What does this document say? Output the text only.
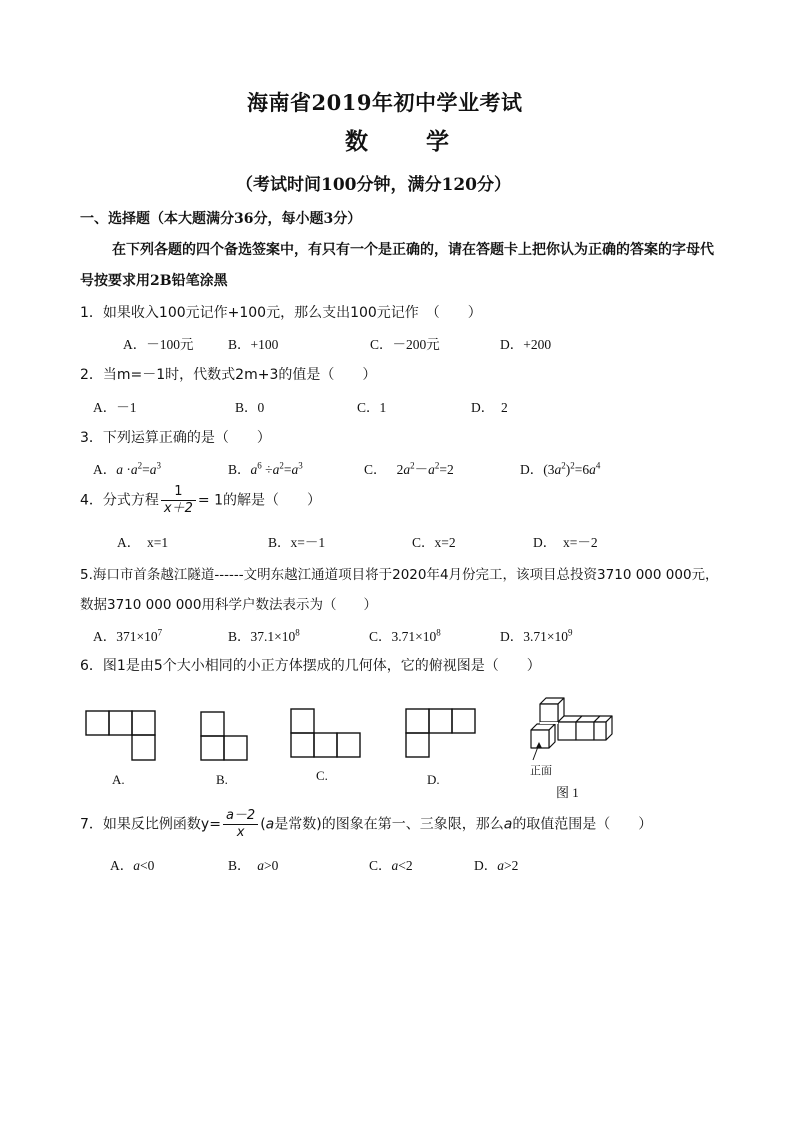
海南省2019年初中学业考试
数	学
（考试时间100分钟，满分120分）
一、选择题（本大题满分36分，每小题3分）
在下列各题的四个备选签案中，有只有一个是正确的，请在答题卡上把你认为正确的答案的字母代
号按要求用2B铅笔涂黑
1．如果收入100元记作+100元，那么支出100元记作　（　　）
A．－100元	B．+100	C．－200元	D．+200
2．当m=－1时，代数式2m+3的值是（　　）
A．－1	B．0	C．1	D．　2
3．下列运算正确的是（　　）
A．$a \cdot a^2=a^3$	B．$a^6 \div a^2=a^3$	C．   $2a^2-a^2=2$	D．$(3a^2)^2=6a^4$
4．分式方程 $\frac{1}{x+2} = 1$的解是（　　）
A．　x=1	B．x=－1	C．x=2	D．　x=－2
5.海口市首条越江隧道------文明东越江通道项目将于2020年4月份完工，该项目总投资3710 000 000元，
数据3710 000 000用科学户数法表示为（　　）
A．$371\times 10^7$	B．$37.1\times 10^8$	C．$3.71\times 10^8$	D．$3.71\times 10^9$
6．图1是由5个大小相同的小正方体摆成的几何体，它的俯视图是（　　）
A.	B.	C.	D.
正面
图 1
7．如果反比例函数$y= \frac{a-2}{x} (a$是常数)的图象在第一、三象限，那么a的取值范围是（　　）
A．a<0	B． a>0	C．a<2	D．a>2
